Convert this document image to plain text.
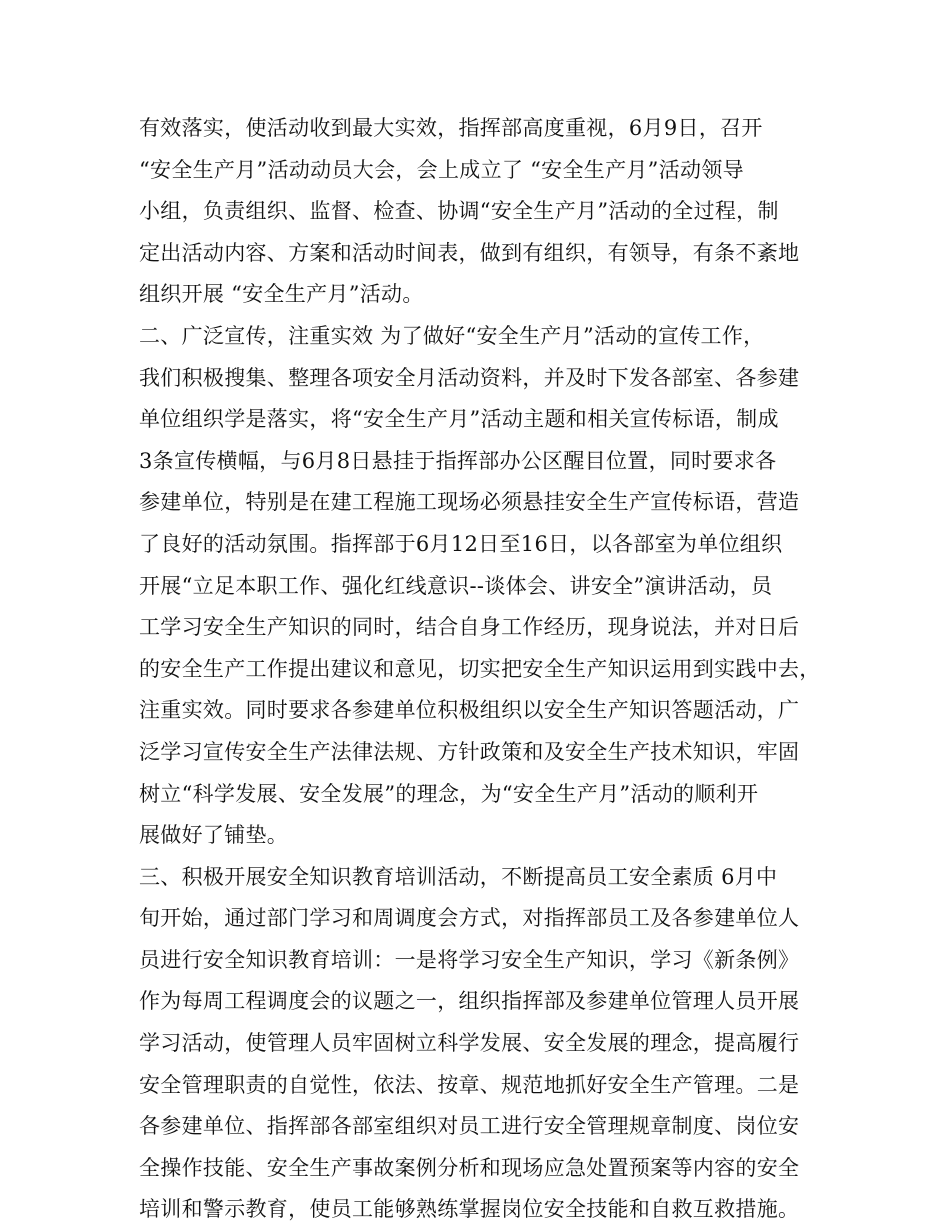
有效落实，使活动收到最大实效，指挥部高度重视，6月9日，召开
“安全生产月”活动动员大会，会上成立了 “安全生产月”活动领导
小组，负责组织、监督、检查、协调“安全生产月”活动的全过程，制
定出活动内容、方案和活动时间表，做到有组织，有领导，有条不紊地
组织开展 “安全生产月”活动。
二、广泛宣传，注重实效 为了做好“安全生产月”活动的宣传工作，
我们积极搜集、整理各项安全月活动资料，并及时下发各部室、各参建
单位组织学是落实，将“安全生产月”活动主题和相关宣传标语，制成
3条宣传横幅，与6月8日悬挂于指挥部办公区醒目位置，同时要求各
参建单位，特别是在建工程施工现场必须悬挂安全生产宣传标语，营造
了良好的活动氛围。指挥部于6月12日至16日，以各部室为单位组织
开展“立足本职工作、强化红线意识--谈体会、讲安全”演讲活动，员
工学习安全生产知识的同时，结合自身工作经历，现身说法，并对日后
的安全生产工作提出建议和意见，切实把安全生产知识运用到实践中去，
注重实效。同时要求各参建单位积极组织以安全生产知识答题活动，广
泛学习宣传安全生产法律法规、方针政策和及安全生产技术知识，牢固
树立“科学发展、安全发展”的理念，为“安全生产月”活动的顺利开
展做好了铺垫。
三、积极开展安全知识教育培训活动，不断提高员工安全素质 6月中
旬开始，通过部门学习和周调度会方式，对指挥部员工及各参建单位人
员进行安全知识教育培训：一是将学习安全生产知识，学习《新条例》
作为每周工程调度会的议题之一，组织指挥部及参建单位管理人员开展
学习活动，使管理人员牢固树立科学发展、安全发展的理念，提高履行
安全管理职责的自觉性，依法、按章、规范地抓好安全生产管理。二是
各参建单位、指挥部各部室组织对员工进行安全管理规章制度、岗位安
全操作技能、安全生产事故案例分析和现场应急处置预案等内容的安全
培训和警示教育，使员工能够熟练掌握岗位安全技能和自救互救措施。
